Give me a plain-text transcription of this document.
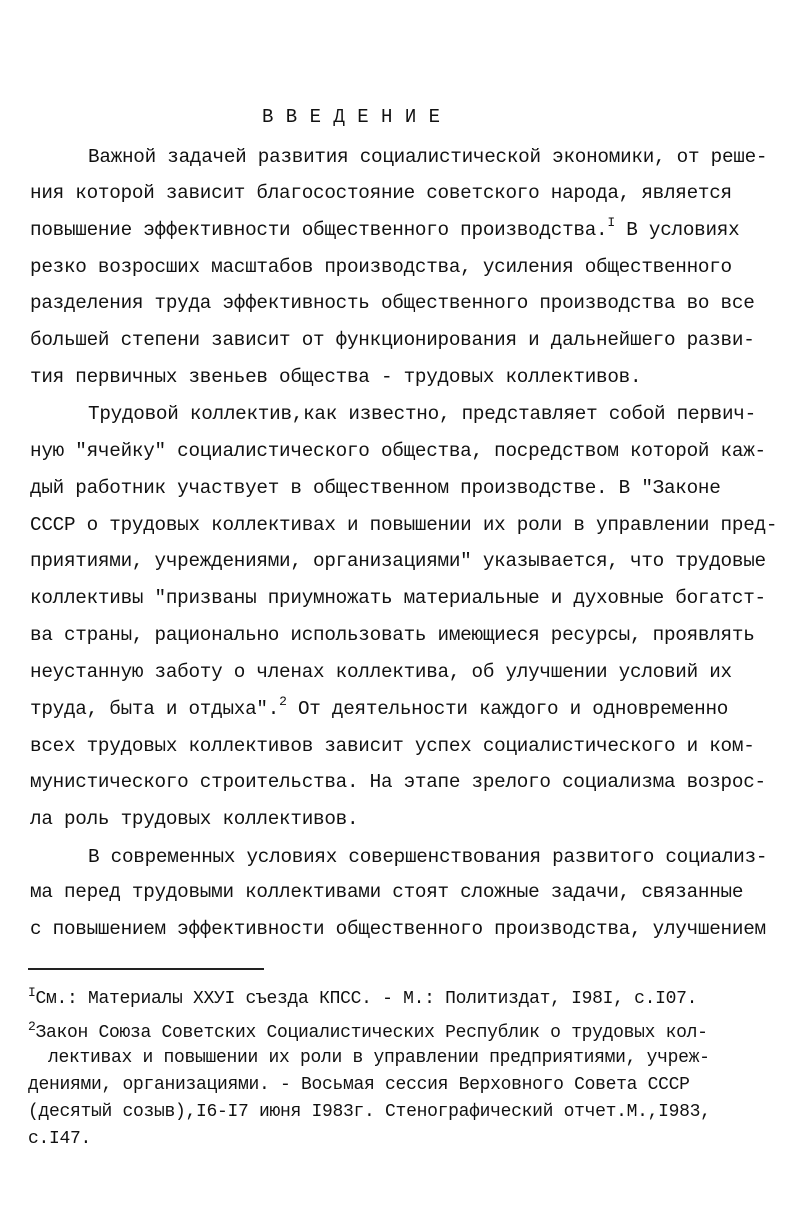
В В Е Д Е Н И Е
Важной задачей развития социалистической экономики, от реше-
ния которой зависит благосостояние советского народа, является
повышение эффективности общественного производства.$^I$ В условиях
резко возросших масштабов производства, усиления общественного
разделения труда эффективность общественного производства во все
большей степени зависит от функционирования и дальнейшего разви-
тия первичных звеньев общества - трудовых коллективов.
Трудовой коллектив,как известно, представляет собой первич-
ную "ячейку" социалистического общества, посредством которой каж-
дый работник участвует в общественном производстве. В "Законе
СССР о трудовых коллективах и повышении их роли в управлении пред-
приятиями, учреждениями, организациями" указывается, что трудовые
коллективы "призваны приумножать материальные и духовные богатст-
ва страны, рационально использовать имеющиеся ресурсы, проявлять
неустанную заботу о членах коллектива, об улучшении условий их
труда, быта и отдыха".$^2$ От деятельности каждого и одновременно
всех трудовых коллективов зависит успех социалистического и ком-
мунистического строительства. На этапе зрелого социализма возрос-
ла роль трудовых коллективов.
В современных условиях совершенствования развитого социализ-
ма перед трудовыми коллективами стоят сложные задачи, связанные
с повышением эффективности общественного производства, улучшением
$^I$См.: Материалы ХХУI съезда КПСС. - М.: Политиздат, I98I, с.I07.
$^2$Закон Союза Советских Социалистических Республик о трудовых кол-
лективах и повышении их роли в управлении предприятиями, учреж-
дениями, организациями. - Восьмая сессия Верховного Совета СССР
(десятый созыв),I6-I7 июня I983г. Стенографический отчет.М.,I983,
с.I47.
